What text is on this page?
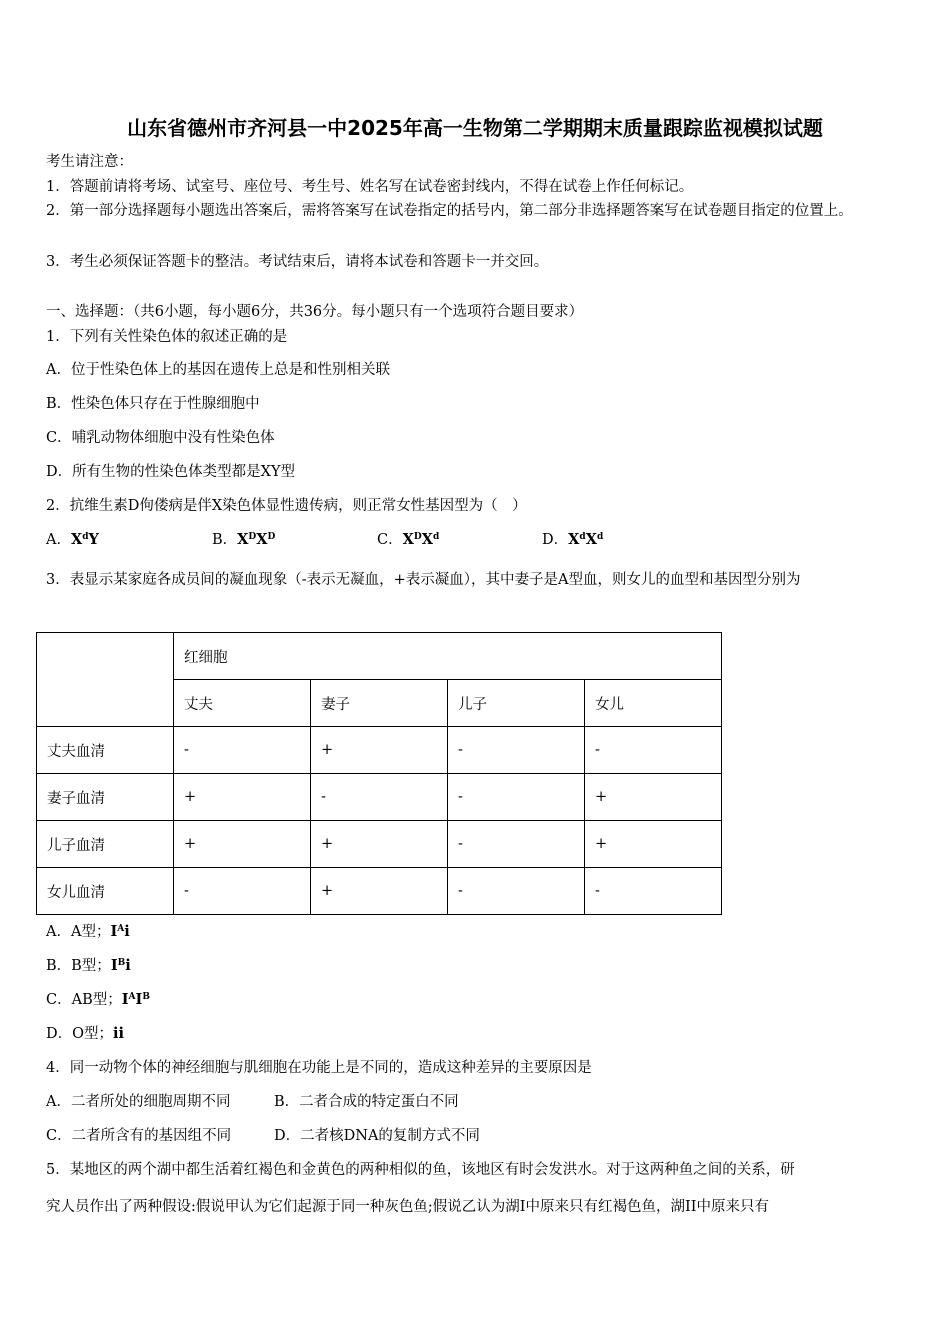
山东省德州市齐河县一中2025年高一生物第二学期期末质量跟踪监视模拟试题
考生请注意：
1．答题前请将考场、试室号、座位号、考生号、姓名写在试卷密封线内，不得在试卷上作任何标记。
2．第一部分选择题每小题选出答案后，需将答案写在试卷指定的括号内，第二部分非选择题答案写在试卷题目指定的位置上。
3．考生必须保证答题卡的整洁。考试结束后，请将本试卷和答题卡一并交回。
一、选择题：（共6小题，每小题6分，共36分。每小题只有一个选项符合题目要求）
1．下列有关性染色体的叙述正确的是
A．位于性染色体上的基因在遗传上总是和性别相关联
B．性染色体只存在于性腺细胞中
C．哺乳动物体细胞中没有性染色体
D．所有生物的性染色体类型都是XY型
2．抗维生素D佝偻病是伴X染色体显性遗传病，则正常女性基因型为（　）
A．$X^dY$	B．$X^DX^D$	C．$X^DX^d$	D．$X^dX^d$
3．表显示某家庭各成员间的凝血现象（-表示无凝血，+表示凝血），其中妻子是A型血，则女儿的血型和基因型分别为
	红细胞			
	丈夫	妻子	儿子	女儿
丈夫血清	-	+	-	-
妻子血清	+	-	-	+
儿子血清	+	+	-	+
女儿血清	-	+	-	-
A．A型；$I^Ai$
B．B型；$I^Bi$
C．AB型；$I^AI^B$
D．O型；ii
4．同一动物个体的神经细胞与肌细胞在功能上是不同的，造成这种差异的主要原因是
A．二者所处的细胞周期不同	B．二者合成的特定蛋白不同
C．二者所含有的基因组不同	D．二者核DNA的复制方式不同
5．某地区的两个湖中都生活着红褐色和金黄色的两种相似的鱼，该地区有时会发洪水。对于这两种鱼之间的关系，研
究人员作出了两种假设:假说甲认为它们起源于同一种灰色鱼;假说乙认为湖I中原来只有红褐色鱼，湖II中原来只有
